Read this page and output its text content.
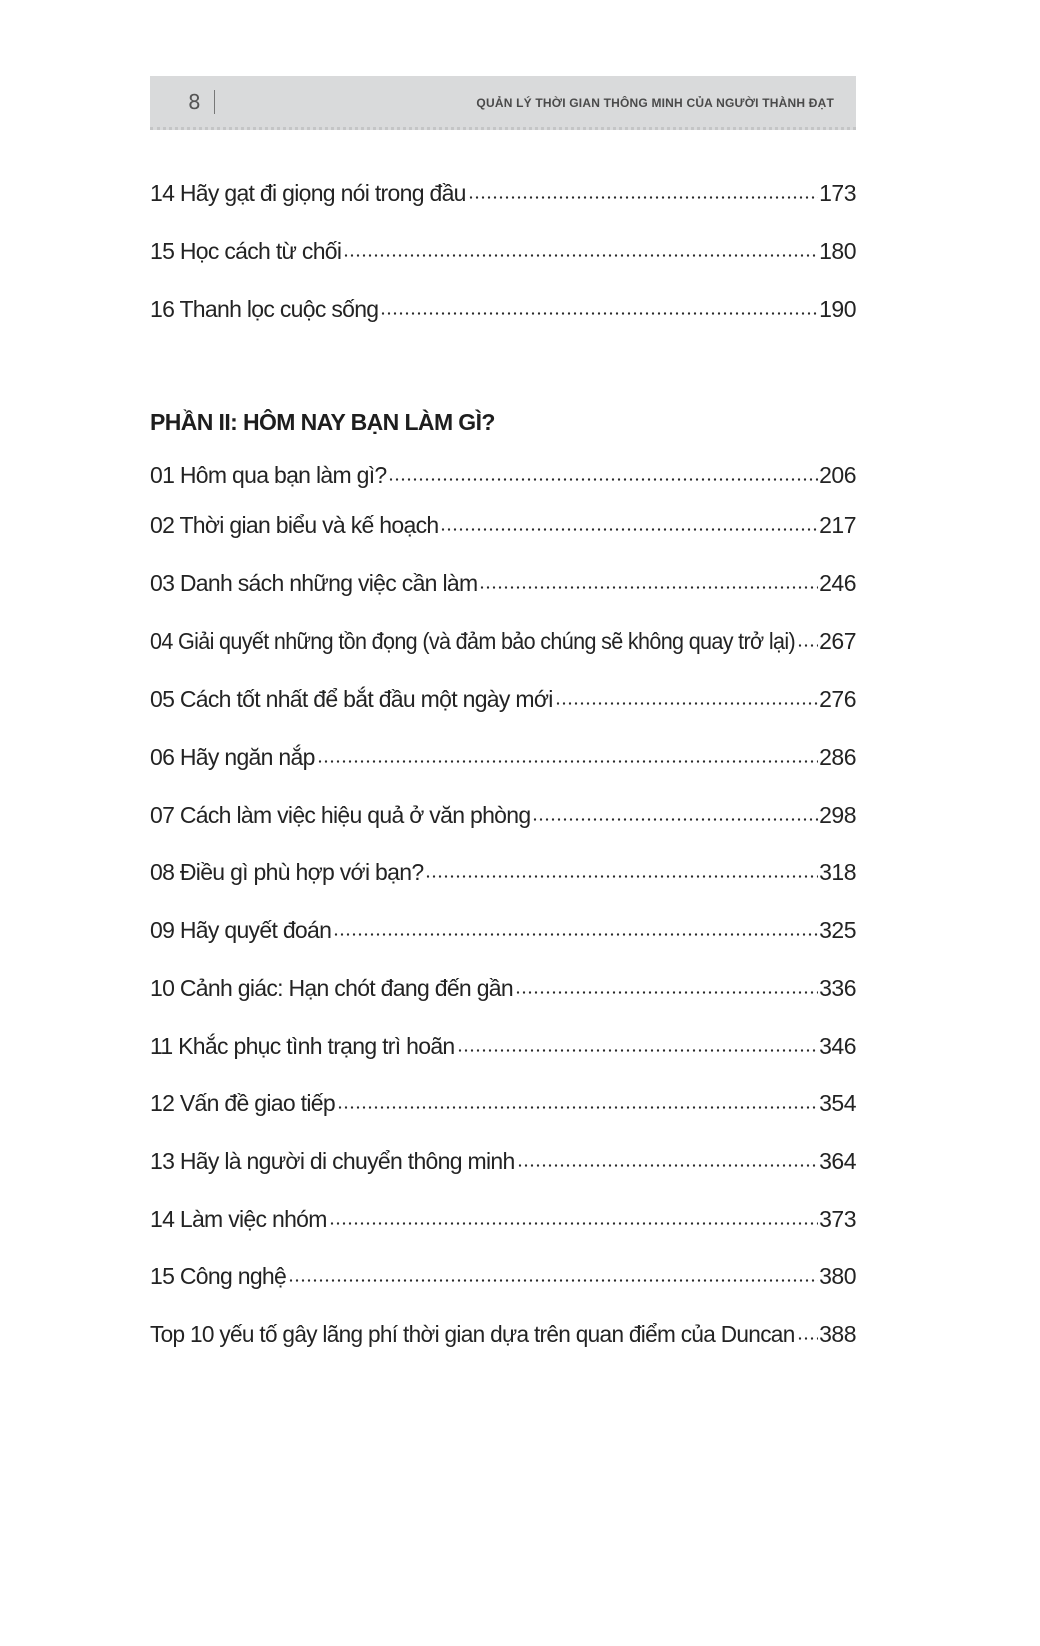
8	QUẢN LÝ THỜI GIAN THÔNG MINH CỦA NGƯỜI THÀNH ĐẠT
14 Hãy gạt đi giọng nói trong đầu	173
15 Học cách từ chối	180
16 Thanh lọc cuộc sống	190
PHẦN II: HÔM NAY BẠN LÀM GÌ?
01 Hôm qua bạn làm gì?	206
02 Thời gian biểu và kế hoạch	217
03 Danh sách những việc cần làm	246
04 Giải quyết những tồn đọng (và đảm bảo chúng sẽ không quay trở lại) 267
05 Cách tốt nhất để bắt đầu một ngày mới	276
06 Hãy ngăn nắp	286
07 Cách làm việc hiệu quả ở văn phòng	298
08 Điều gì phù hợp với bạn?	318
09 Hãy quyết đoán	325
10 Cảnh giác: Hạn chót đang đến gần	336
11 Khắc phục tình trạng trì hoãn	346
12 Vấn đề giao tiếp	354
13 Hãy là người di chuyển thông minh	364
14 Làm việc nhóm	373
15 Công nghệ	380
Top 10 yếu tố gây lãng phí thời gian dựa trên quan điểm của Duncan 388
